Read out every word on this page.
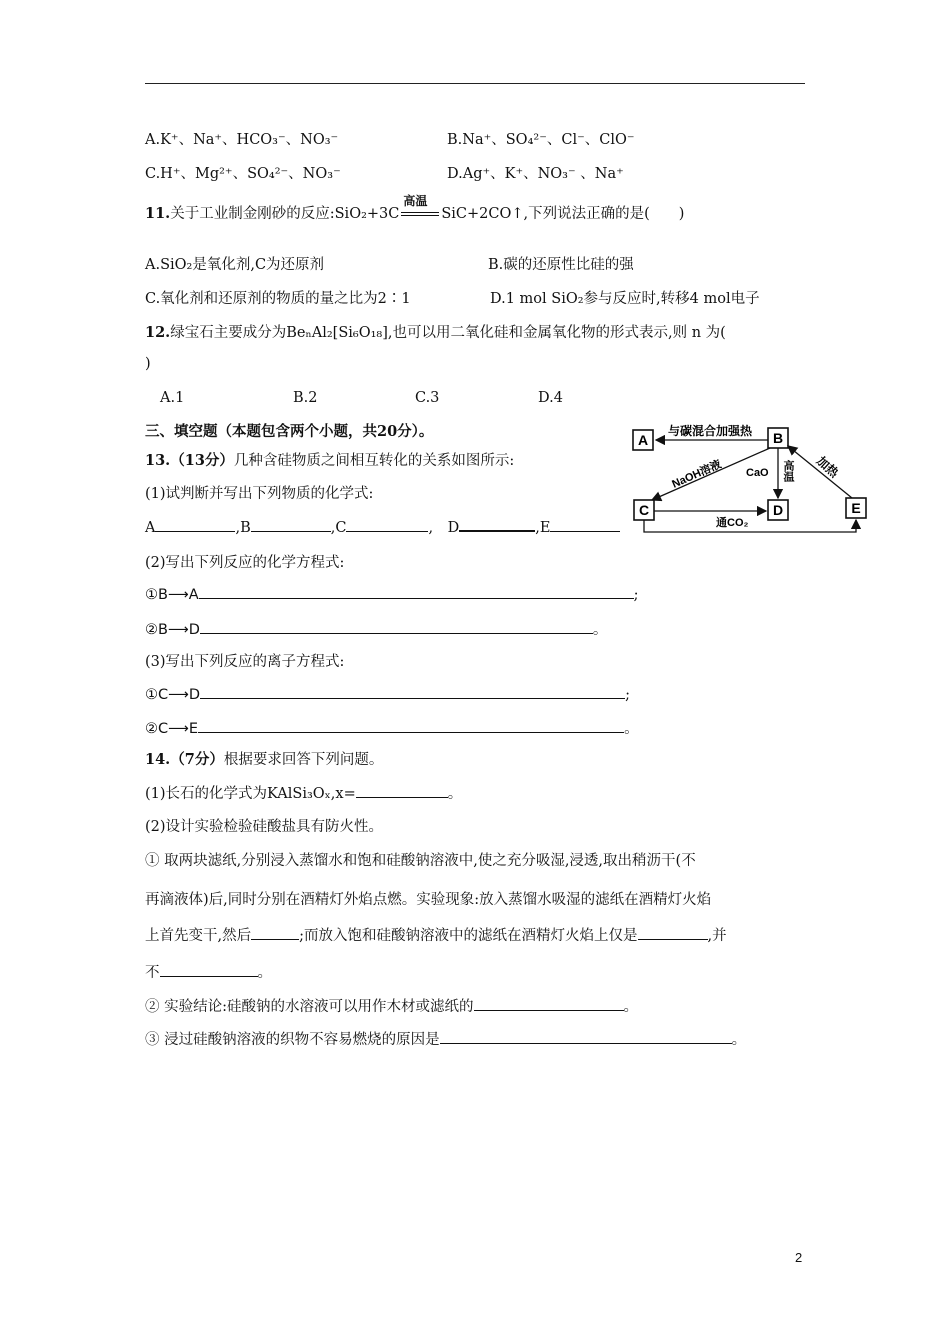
A.K⁺、Na⁺、HCO₃⁻、NO₃⁻	B.Na⁺、SO₄²⁻、Cl⁻、ClO⁻
C.H⁺、Mg²⁺、SO₄²⁻、NO₃⁻	D.Ag⁺、K⁺、NO₃⁻ 、Na⁺
11.关于工业制金刚砂的反应:SiO₂+3C
高温
SiC+2CO↑,下列说法正确的是(　　)
A.SiO₂是氧化剂,C为还原剂	B.碳的还原性比硅的强
C.氧化剂和还原剂的物质的量之比为2∶1	D.1 mol SiO₂参与反应时,转移4 mol电子
12.绿宝石主要成分为BeₙAl₂[Si₆O₁₈],也可以用二氧化硅和金属氧化物的形式表示,则 n 为(
)
A.1	B.2	C.3	D.4
三、填空题（本题包含两个小题，共20分）。
13.（13分）几种含硅物质之间相互转化的关系如图所示:
(1)试判断并写出下列物质的化学式:
A	,B	,C	,　D	,E
(2)写出下列反应的化学方程式:
①B⟶A	;
②B⟶D	。
(3)写出下列反应的离子方程式:
①C⟶D	;
②C⟶E	。
A	B
C	D	E
与碳混合加强热
NaOH溶液 CaO 高温 加热
通CO₂
14.（7分）根据要求回答下列问题。
(1)长石的化学式为KAlSi₃Oₓ,x=	。
(2)设计实验检验硅酸盐具有防火性。
① 取两块滤纸,分别浸入蒸馏水和饱和硅酸钠溶液中,使之充分吸湿,浸透,取出稍沥干(不
再滴液体)后,同时分别在酒精灯外焰点燃。实验现象:放入蒸馏水吸湿的滤纸在酒精灯火焰
上首先变干,然后	;而放入饱和硅酸钠溶液中的滤纸在酒精灯火焰上仅是	,并
不	。
② 实验结论:硅酸钠的水溶液可以用作木材或滤纸的	。
③ 浸过硅酸钠溶液的织物不容易燃烧的原因是	。
2
